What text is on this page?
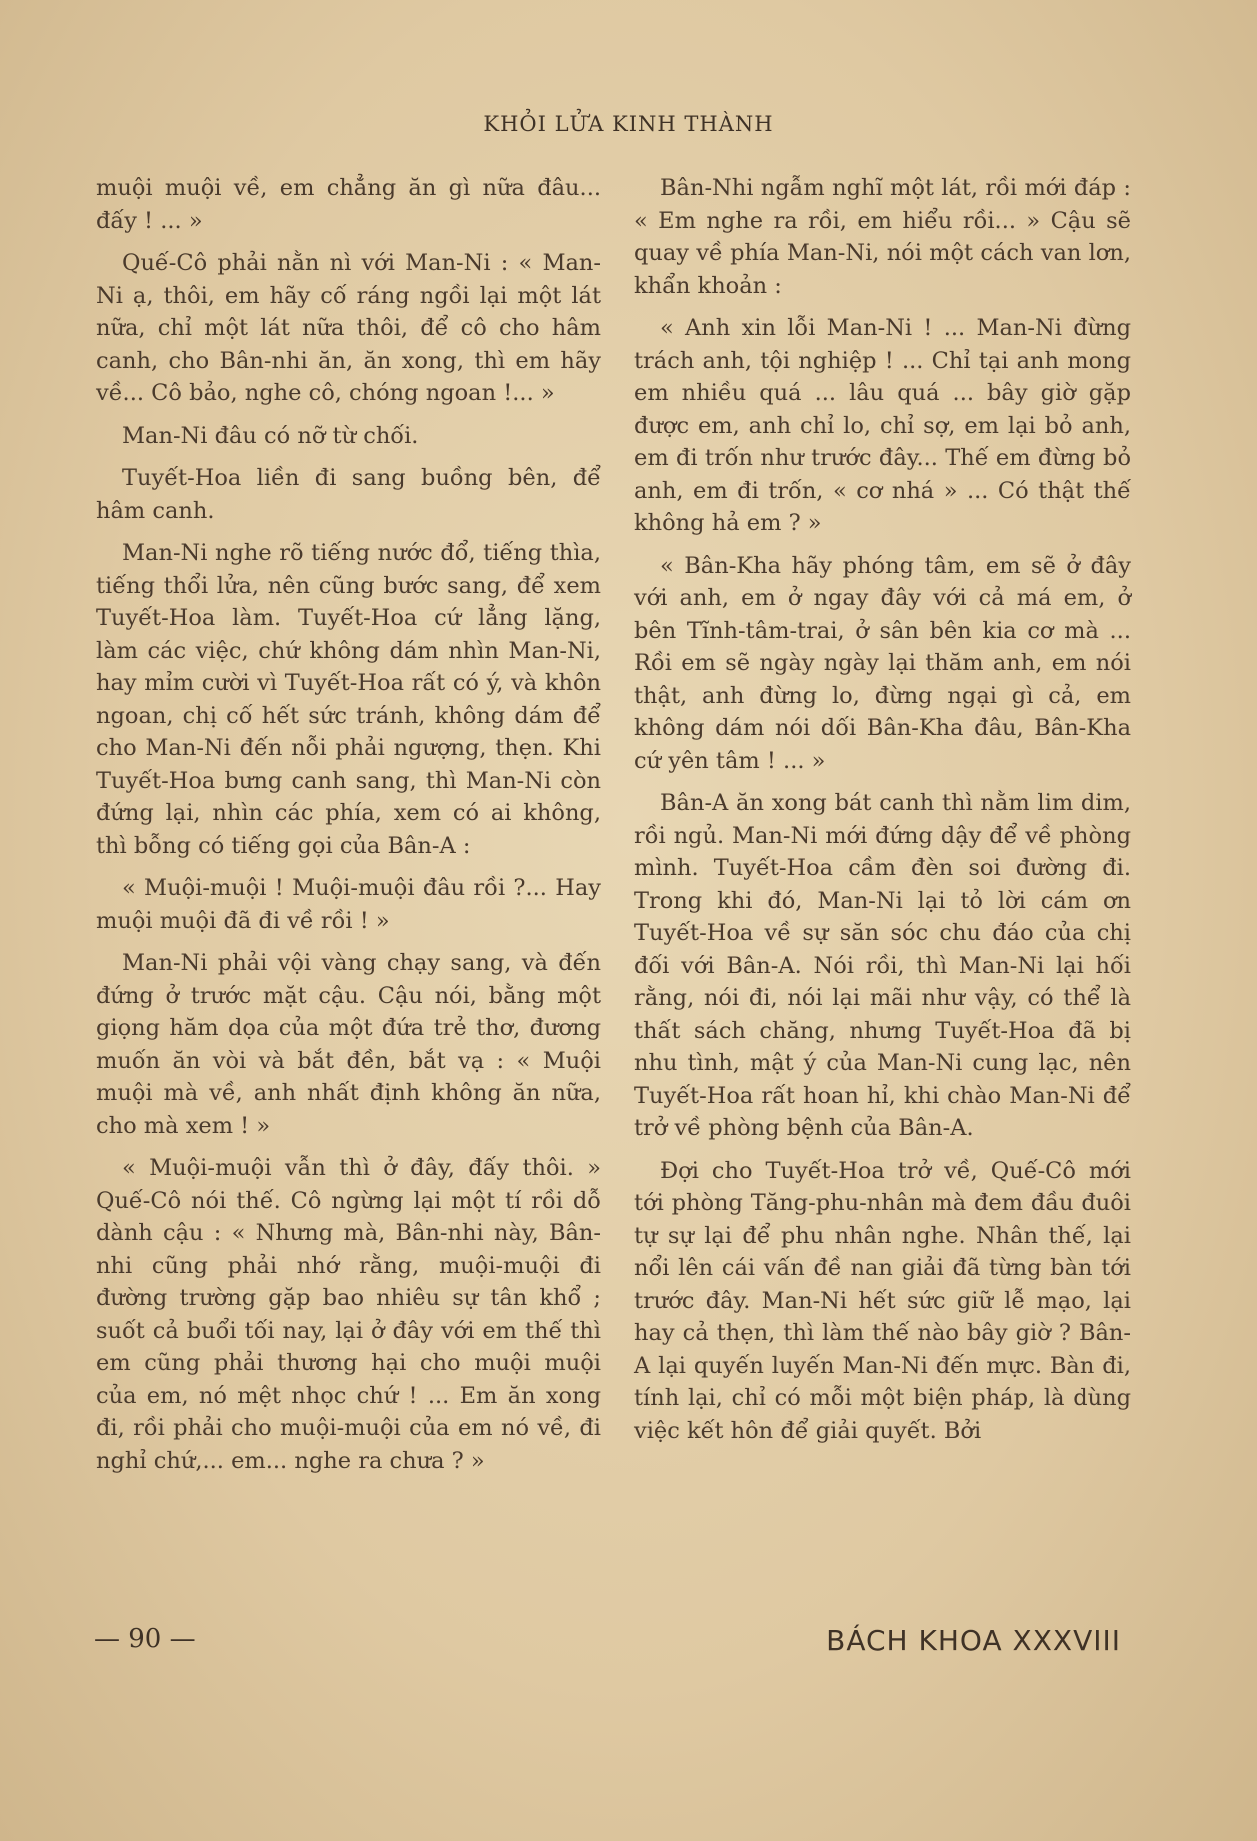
KHỎI LỬA KINH THÀNH

muội muội về, em chẳng ăn gì nữa đâu... đấy ! ... »

Quế-Cô phải nằn nì với Man-Ni : « Man-Ni ạ, thôi, em hãy cố ráng ngồi lại một lát nữa, chỉ một lát nữa thôi, để cô cho hâm canh, cho Bân-nhi ăn, ăn xong, thì em hãy về... Cô bảo, nghe cô, chóng ngoan !... »

Man-Ni đâu có nỡ từ chối.

Tuyết-Hoa liền đi sang buồng bên, để hâm canh.

Man-Ni nghe rõ tiếng nước đổ, tiếng thìa, tiếng thổi lửa, nên cũng bước sang, để xem Tuyết-Hoa làm. Tuyết-Hoa cứ lẳng lặng, làm các việc, chứ không dám nhìn Man-Ni, hay mỉm cười vì Tuyết-Hoa rất có ý, và khôn ngoan, chị cố hết sức tránh, không dám để cho Man-Ni đến nỗi phải ngượng, thẹn. Khi Tuyết-Hoa bưng canh sang, thì Man-Ni còn đứng lại, nhìn các phía, xem có ai không, thì bỗng có tiếng gọi của Bân-A :

« Muội-muội ! Muội-muội đâu rồi ?... Hay muội muội đã đi về rồi ! »

Man-Ni phải vội vàng chạy sang, và đến đứng ở trước mặt cậu. Cậu nói, bằng một giọng hăm dọa của một đứa trẻ thơ, đương muốn ăn vòi và bắt đền, bắt vạ : « Muội muội mà về, anh nhất định không ăn nữa, cho mà xem ! »

« Muội-muội vẫn thì ở đây, đấy thôi. » Quế-Cô nói thế. Cô ngừng lại một tí rồi dỗ dành cậu : « Nhưng mà, Bân-nhi này, Bân-nhi cũng phải nhớ rằng, muội-muội đi đường trường gặp bao nhiêu sự tân khổ ; suốt cả buổi tối nay, lại ở đây với em thế thì em cũng phải thương hại cho muội muội của em, nó mệt nhọc chứ ! ... Em ăn xong đi, rồi phải cho muội-muội của em nó về, đi nghỉ chứ,... em... nghe ra chưa ? »

Bân-Nhi ngẫm nghĩ một lát, rồi mới đáp : « Em nghe ra rồi, em hiểu rồi... » Cậu sẽ quay về phía Man-Ni, nói một cách van lơn, khẩn khoản :

« Anh xin lỗi Man-Ni ! ... Man-Ni đừng trách anh, tội nghiệp ! ... Chỉ tại anh mong em nhiều quá ... lâu quá ... bây giờ gặp được em, anh chỉ lo, chỉ sợ, em lại bỏ anh, em đi trốn như trước đây... Thế em đừng bỏ anh, em đi trốn, « cơ nhá » ... Có thật thế không hả em ? »

« Bân-Kha hãy phóng tâm, em sẽ ở đây với anh, em ở ngay đây với cả má em, ở bên Tĩnh-tâm-trai, ở sân bên kia cơ mà ... Rồi em sẽ ngày ngày lại thăm anh, em nói thật, anh đừng lo, đừng ngại gì cả, em không dám nói dối Bân-Kha đâu, Bân-Kha cứ yên tâm ! ... »

Bân-A ăn xong bát canh thì nằm lim dim, rồi ngủ. Man-Ni mới đứng dậy để về phòng mình. Tuyết-Hoa cầm đèn soi đường đi. Trong khi đó, Man-Ni lại tỏ lời cám ơn Tuyết-Hoa về sự săn sóc chu đáo của chị đối với Bân-A. Nói rồi, thì Man-Ni lại hối rằng, nói đi, nói lại mãi như vậy, có thể là thất sách chăng, nhưng Tuyết-Hoa đã bị nhu tình, mật ý của Man-Ni cung lạc, nên Tuyết-Hoa rất hoan hỉ, khi chào Man-Ni để trở về phòng bệnh của Bân-A.

Đợi cho Tuyết-Hoa trở về, Quế-Cô mới tới phòng Tăng-phu-nhân mà đem đầu đuôi tự sự lại để phu nhân nghe. Nhân thế, lại nổi lên cái vấn đề nan giải đã từng bàn tới trước đây. Man-Ni hết sức giữ lễ mạo, lại hay cả thẹn, thì làm thế nào bây giờ ? Bân-A lại quyến luyến Man-Ni đến mực. Bàn đi, tính lại, chỉ có mỗi một biện pháp, là dùng việc kết hôn để giải quyết. Bởi

— 90 —	BÁCH KHOA XXXVIII
